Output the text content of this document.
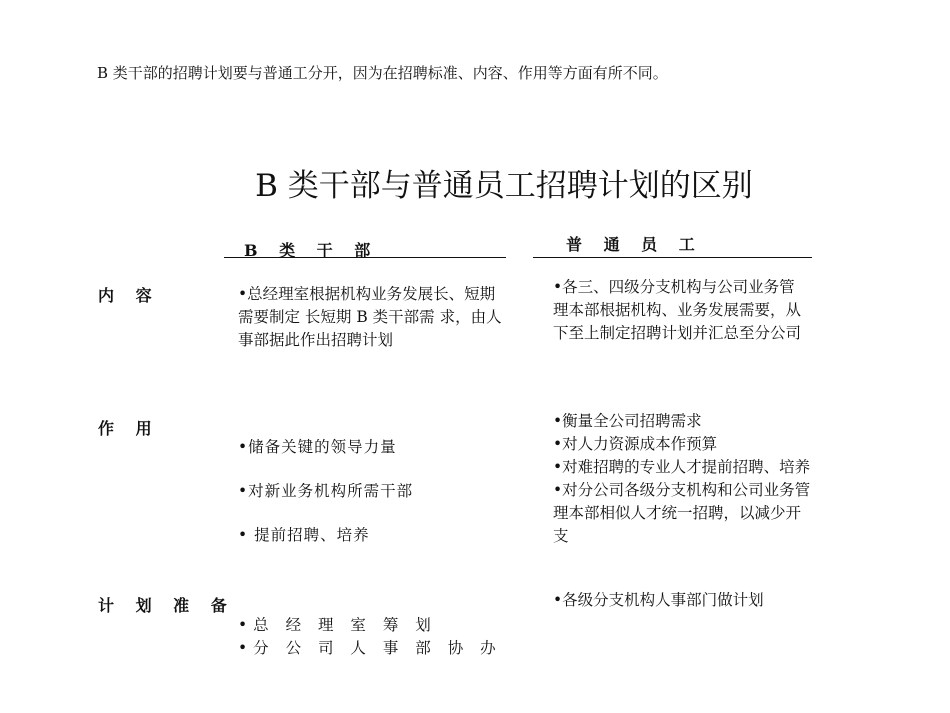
B 类干部的招聘计划要与普通工分开，因为在招聘标准、内容、作用等方面有所不同。
B 类干部与普通员工招聘计划的区别
B 类 干 部	普 通 员 工
内 容	•总经理室根据机构业务发展长、短期需要制定 长短期 B 类干部需 求，由人事部据此作出招聘计划

•各三、四级分支机构与公司业务管理本部根据机构、业务发展需要，从下至上制定招聘计划并汇总至分公司

作 用

•储备关键的领导力量

•对新业务机构所需干部

• 提前招聘、培养

•衡量全公司招聘需求

•对人力资源成本作预算

•对难招聘的专业人才提前招聘、培养

•对分公司各级分支机构和公司业务管理本部相似人才统一招聘，以减少开支

计 划 准 备

•总 经 理 室 筹 划

•分 公 司 人 事 部 协 办

•各级分支机构人事部门做计划
